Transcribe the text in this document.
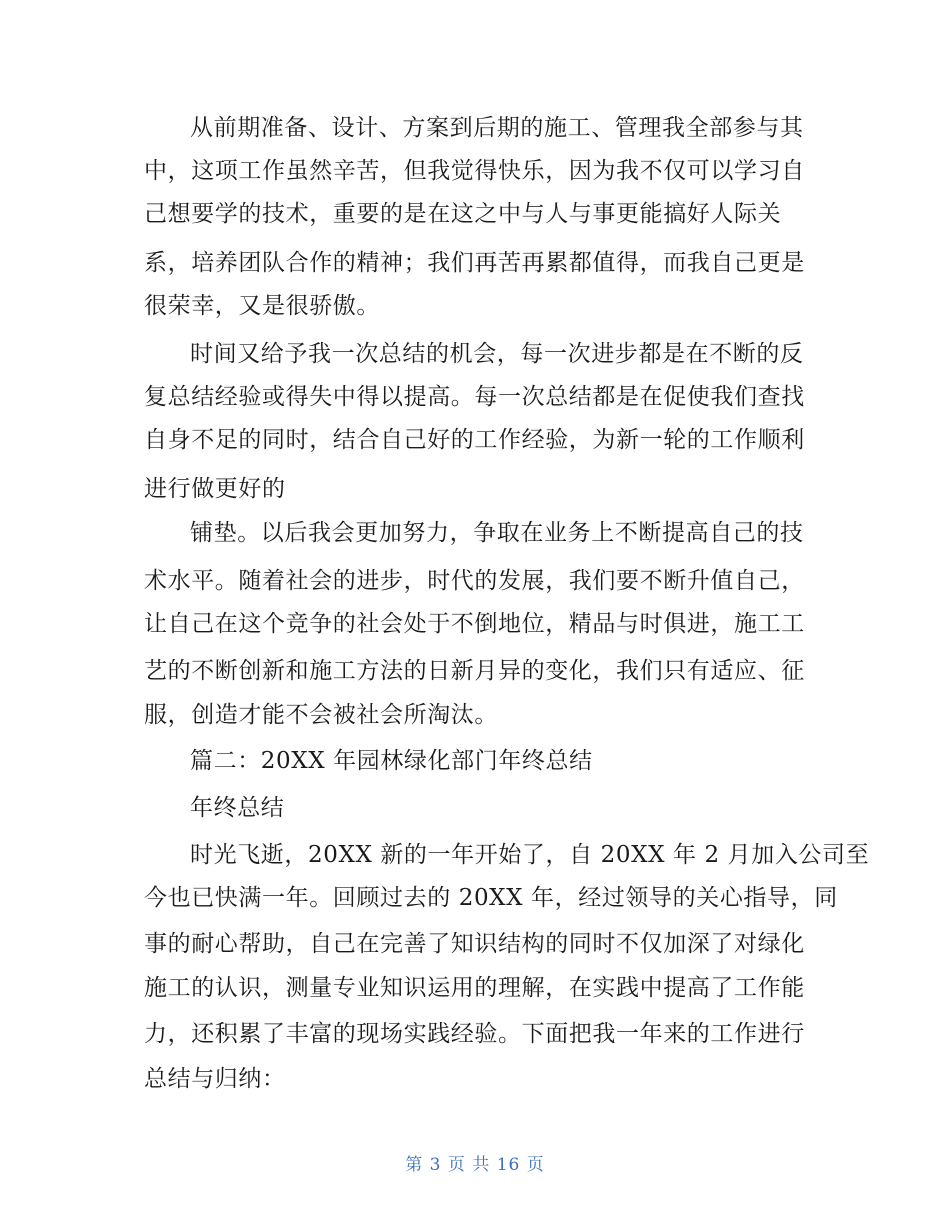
从前期准备、设计、方案到后期的施工、管理我全部参与其
中，这项工作虽然辛苦，但我觉得快乐，因为我不仅可以学习自
己想要学的技术，重要的是在这之中与人与事更能搞好人际关
系，培养团队合作的精神；我们再苦再累都值得，而我自己更是
很荣幸，又是很骄傲。
时间又给予我一次总结的机会，每一次进步都是在不断的反
复总结经验或得失中得以提高。每一次总结都是在促使我们查找
自身不足的同时，结合自己好的工作经验，为新一轮的工作顺利
进行做更好的
铺垫。以后我会更加努力，争取在业务上不断提高自己的技
术水平。随着社会的进步，时代的发展，我们要不断升值自己，
让自己在这个竞争的社会处于不倒地位，精品与时俱进，施工工
艺的不断创新和施工方法的日新月异的变化，我们只有适应、征
服，创造才能不会被社会所淘汰。
篇二：20XX 年园林绿化部门年终总结
年终总结
时光飞逝，20XX 新的一年开始了，自 20XX 年 2 月加入公司至
今也已快满一年。回顾过去的 20XX 年，经过领导的关心指导，同
事的耐心帮助，自己在完善了知识结构的同时不仅加深了对绿化
施工的认识，测量专业知识运用的理解，在实践中提高了工作能
力，还积累了丰富的现场实践经验。下面把我一年来的工作进行
总结与归纳：
第 3 页 共 16 页
